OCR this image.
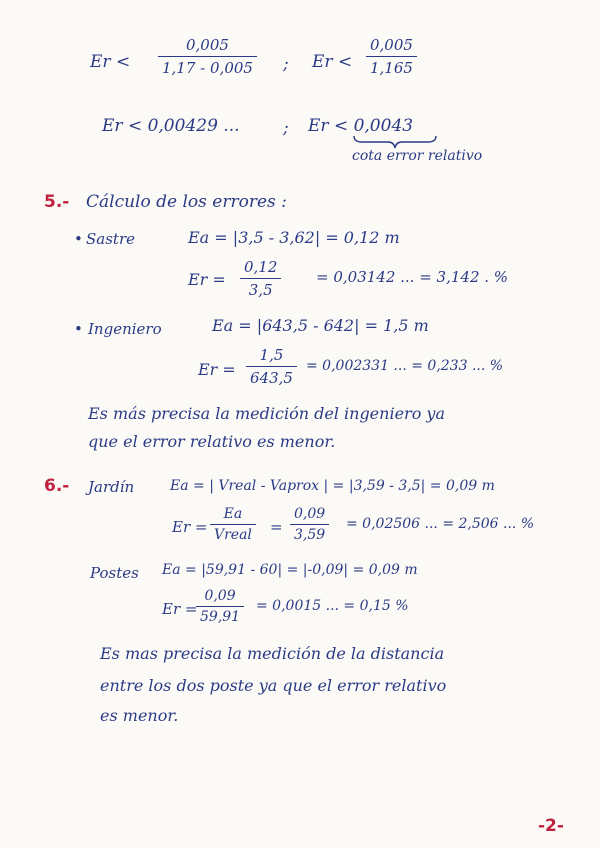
$Er < \frac{0,005}{1,17 - 0,005}$ ; $Er < \frac{0,005}{1,165}$
Er < 0,00429 ...	; Er < 0,0043
cota error relativo
5.- Cálculo de los errores :
• Sastre	Ea = |3,5 - 3,62| = 0,12 m
$Er = \frac{0,12}{3,5} = 0,03142$ ... = 3,142 . %
• Ingeniero	Ea = |643,5 - 642| = 1,5 m
$Er = \frac{1,5}{643,5} = 0,002331$ ... = 0,233 ... %
Es más precisa la medición del ingeniero ya
que el error relativo es menor.
6.- Jardín	Ea = | Vreal - Vaprox | = |3,59 - 3,5| = 0,09 m
Er =
Ea
Vreal = $\frac{0,09}{3,59} = 0,02506$ ... = 2,506 ... %
Postes Ea = |59,91 - 60| = |-0,09| = 0,09 m
Er =
$\frac{0,09}{59,91} = 0,0015$ ... = 0,15 %
Es mas precisa la medición de la distancia
entre los dos poste ya que el error relativo
es menor.
-2-
